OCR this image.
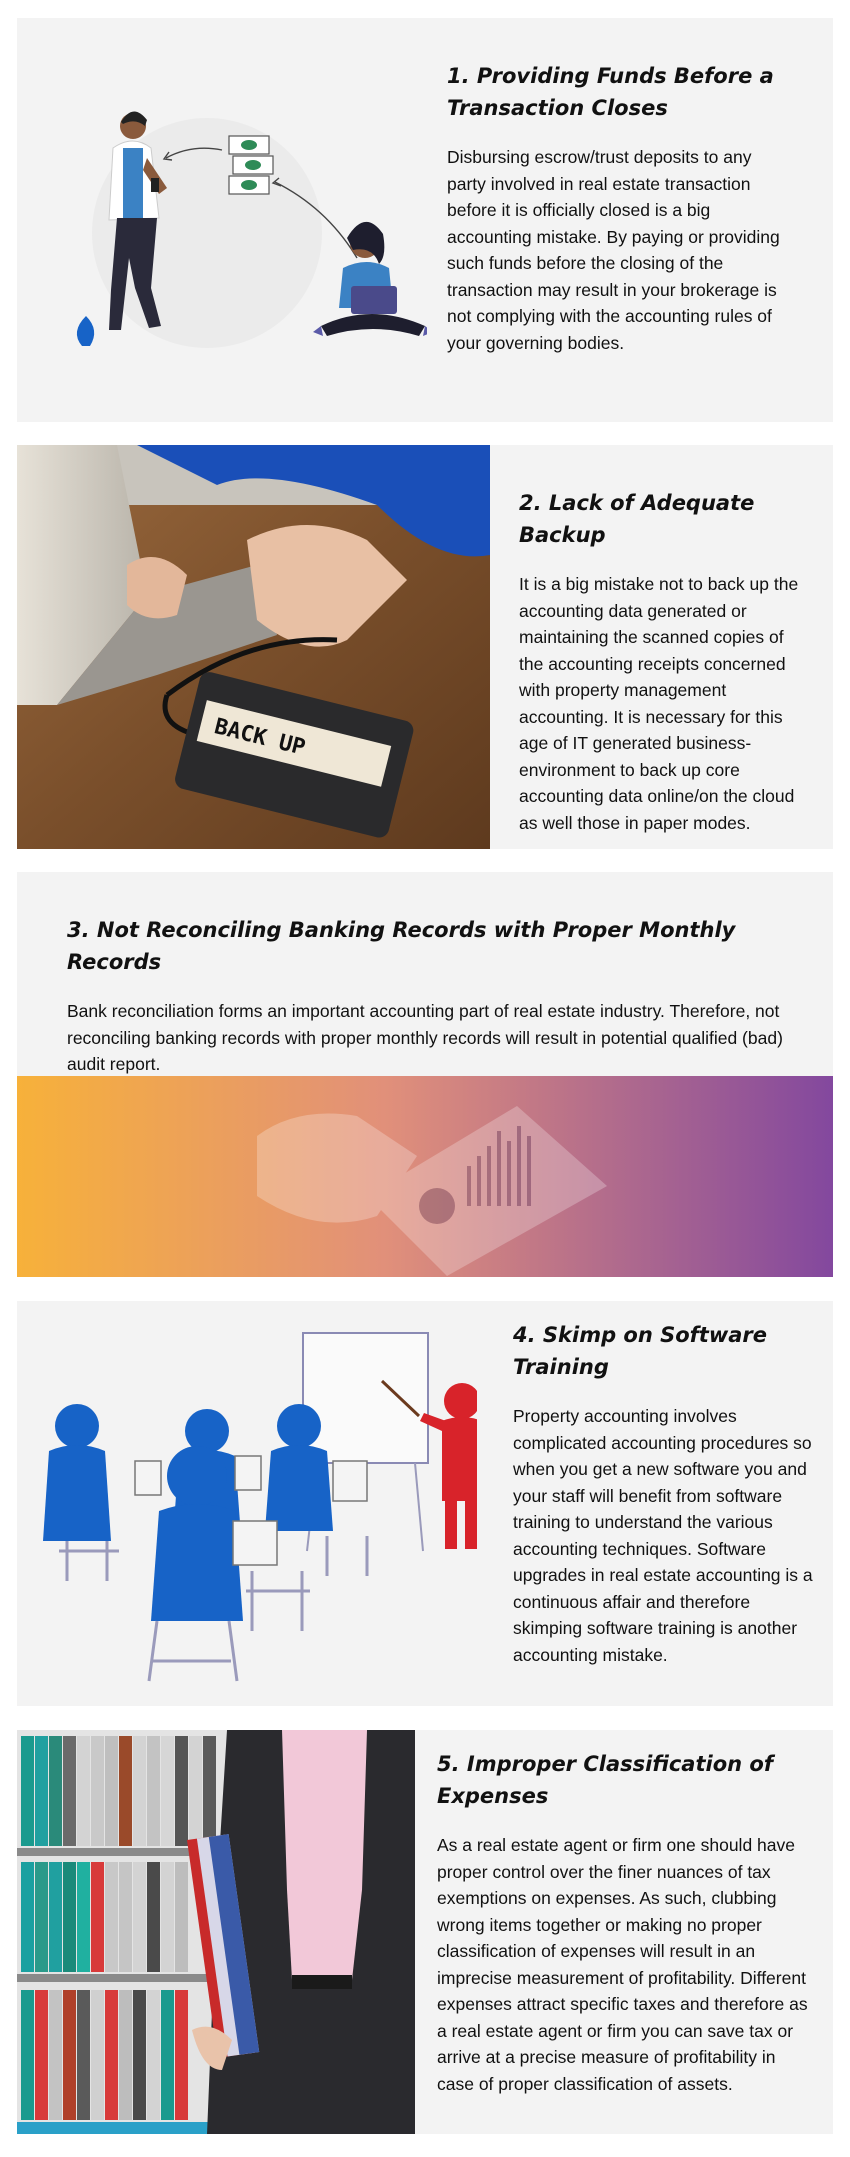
1. Providing Funds Before a Transaction Closes

Disbursing escrow/trust deposits to any party involved in real estate transaction before it is officially closed is a big accounting mistake. By paying or providing such funds before the closing of the transaction may result in your brokerage is not complying with the accounting rules of your governing bodies.

BACK UP
2. Lack of Adequate Backup

It is a big mistake not to back up the accounting data generated or maintaining the scanned copies of the accounting receipts concerned with property management accounting. It is necessary for this age of IT generated business-environment to back up core accounting data online/on the cloud as well those in paper modes.

3. Not Reconciling Banking Records with Proper Monthly Records

Bank reconciliation forms an important accounting part of real estate industry. Therefore, not reconciling banking records with proper monthly records will result in potential qualified (bad) audit report.

4. Skimp on Software Training

Property accounting involves complicated accounting procedures so when you get a new software you and your staff will benefit from software training to understand the various accounting techniques. Software upgrades in real estate accounting is a continuous affair and therefore skimping software training is another accounting mistake.

5. Improper Classification of Expenses

As a real estate agent or firm one should have proper control over the finer nuances of tax exemptions on expenses. As such, clubbing wrong items together or making no proper classification of expenses will result in an imprecise measurement of profitability. Different expenses attract specific taxes and therefore as a real estate agent or firm you can save tax or arrive at a precise measure of profitability in case of proper classification of assets.
